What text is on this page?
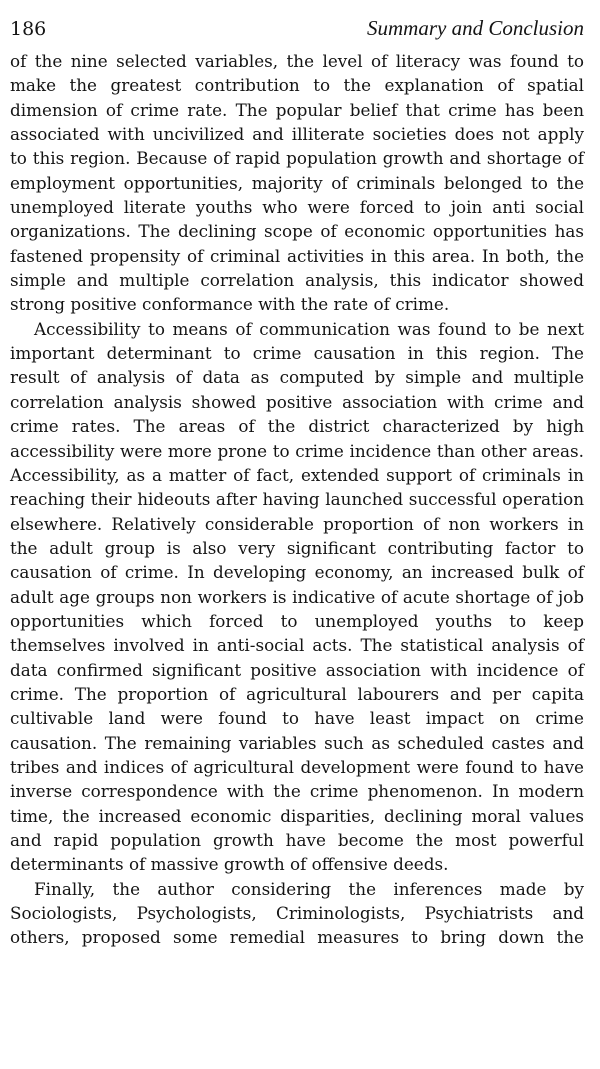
186	Summary and Conclusion

of the nine selected variables, the level of literacy was found to make the greatest contribution to the explanation of spatial dimension of crime rate. The popular belief that crime has been associated with uncivilized and illiterate societies does not apply to this region. Because of rapid population growth and shortage of employment opportunities, majority of criminals belonged to the unemployed literate youths who were forced to join anti social organizations. The declining scope of economic opportunities has fastened propensity of criminal activities in this area. In both, the simple and multiple correlation analysis, this indicator showed strong positive conformance with the rate of crime.

Accessibility to means of communication was found to be next important determinant to crime causation in this region. The result of analysis of data as computed by simple and multiple correlation analysis showed positive association with crime and crime rates. The areas of the district characterized by high accessibility were more prone to crime incidence than other areas. Accessibility, as a matter of fact, extended support of criminals in reaching their hideouts after having launched successful operation elsewhere. Relatively considerable proportion of non workers in the adult group is also very significant contributing factor to causation of crime. In developing economy, an increased bulk of adult age groups non workers is indicative of acute shortage of job opportunities which forced to unemployed youths to keep themselves involved in anti-social acts. The statistical analysis of data confirmed significant positive association with incidence of crime. The proportion of agricultural labourers and per capita cultivable land were found to have least impact on crime causation. The remaining variables such as scheduled castes and tribes and indices of agricultural development were found to have inverse correspondence with the crime phenomenon. In modern time, the increased economic disparities, declining moral values and rapid population growth have become the most powerful determinants of massive growth of offensive deeds.

Finally, the author considering the inferences made by Sociologists, Psychologists, Criminologists, Psychiatrists and others, proposed some remedial measures to bring down the
